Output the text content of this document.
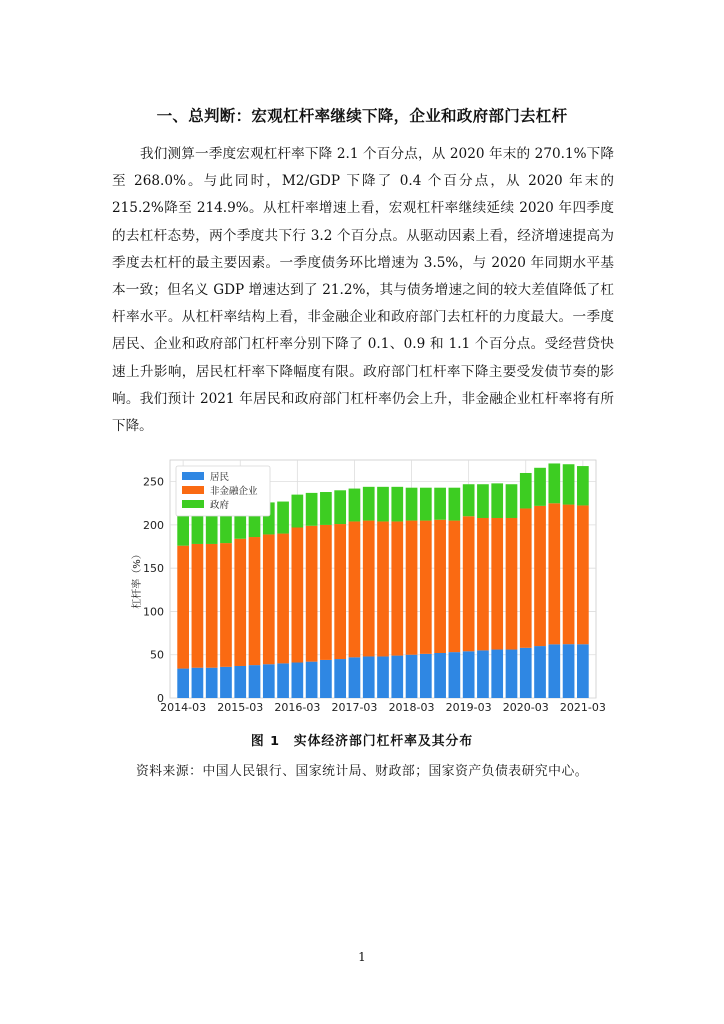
一、总判断：宏观杠杆率继续下降，企业和政府部门去杠杆
我们测算一季度宏观杠杆率下降 2.1 个百分点，从 2020 年末的 270.1%下降至 268.0%。与此同时，M2/GDP 下降了 0.4 个百分点，从 2020 年末的 215.2%降至 214.9%。从杠杆率增速上看，宏观杠杆率继续延续 2020 年四季度的去杠杆态势，两个季度共下行 3.2 个百分点。从驱动因素上看，经济增速提高为季度去杠杆的最主要因素。一季度债务环比增速为 3.5%，与 2020 年同期水平基本一致；但名义 GDP 增速达到了 21.2%，其与债务增速之间的较大差值降低了杠杆率水平。从杠杆率结构上看，非金融企业和政府部门去杠杆的力度最大。一季度居民、企业和政府部门杠杆率分别下降了 0.1、0.9 和 1.1 个百分点。受经营贷快速上升影响，居民杠杆率下降幅度有限。政府部门杠杆率下降主要受发债节奏的影响。我们预计 2021 年居民和政府部门杠杆率仍会上升，非金融企业杠杆率将有所下降。
0
50
100
150
200
250
2014-03 2015-03 2016-03 2017-03 2018-03 2019-03 2020-03 2021-03
杠杆率（%）
居民
非金融企业
政府
图 1　实体经济部门杠杆率及其分布
资料来源：中国人民银行、国家统计局、财政部；国家资产负债表研究中心。
1
